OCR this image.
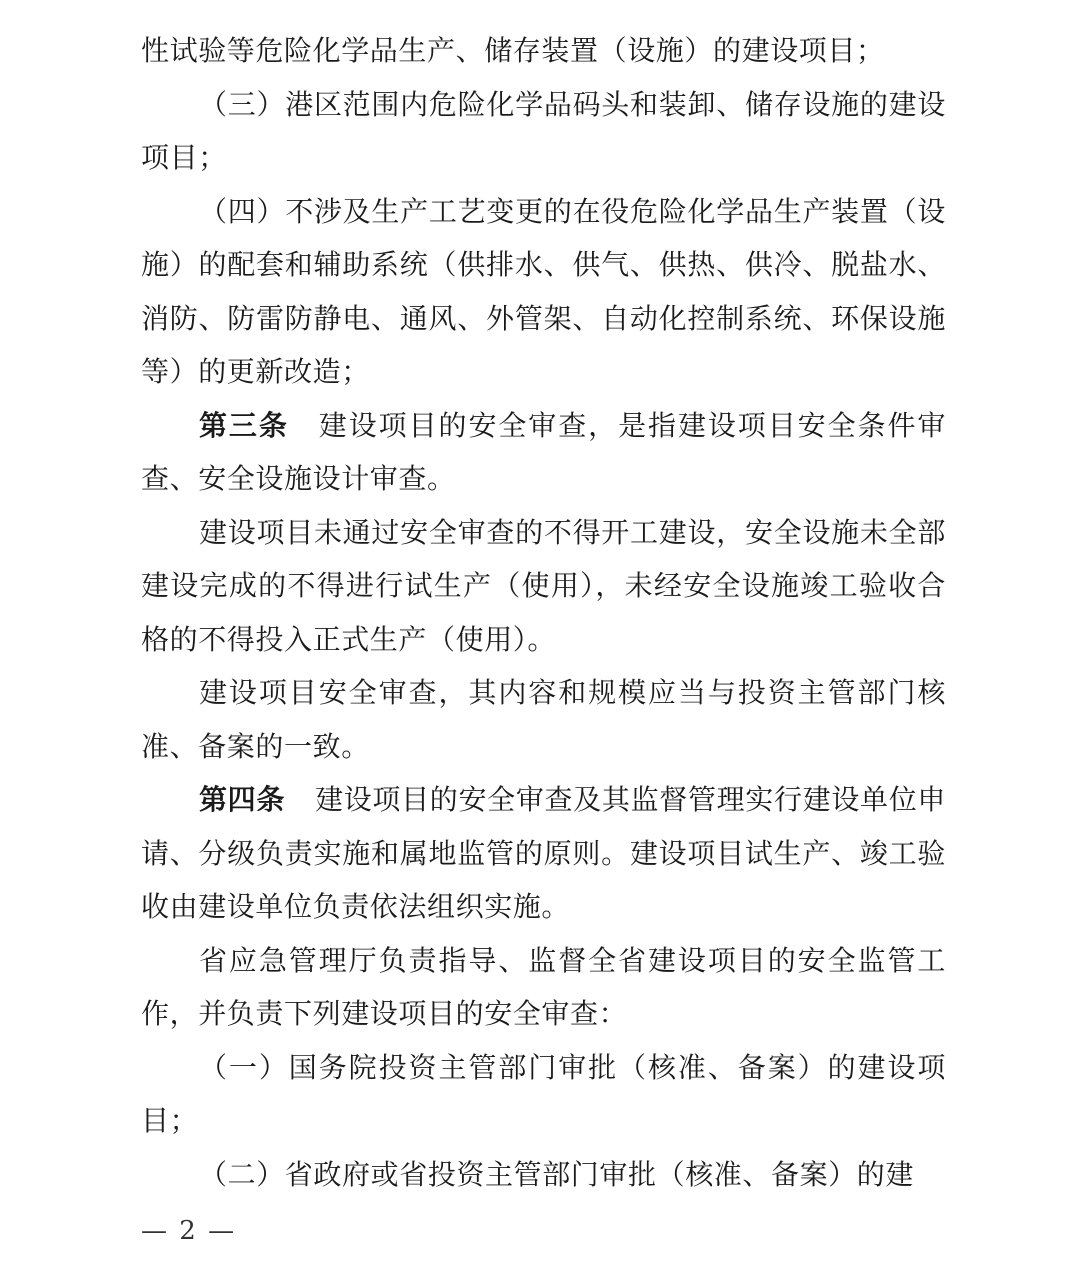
性试验等危险化学品生产、储存装置（设施）的建设项目；

（三）港区范围内危险化学品码头和装卸、储存设施的建设项目；

（四）不涉及生产工艺变更的在役危险化学品生产装置（设施）的配套和辅助系统（供排水、供气、供热、供冷、脱盐水、消防、防雷防静电、通风、外管架、自动化控制系统、环保设施等）的更新改造；

第三条 建设项目的安全审查，是指建设项目安全条件审查、安全设施设计审查。

建设项目未通过安全审查的不得开工建设，安全设施未全部建设完成的不得进行试生产（使用），未经安全设施竣工验收合格的不得投入正式生产（使用）。

建设项目安全审查，其内容和规模应当与投资主管部门核准、备案的一致。

第四条 建设项目的安全审查及其监督管理实行建设单位申请、分级负责实施和属地监管的原则。建设项目试生产、竣工验收由建设单位负责依法组织实施。

省应急管理厅负责指导、监督全省建设项目的安全监管工作，并负责下列建设项目的安全审查：

（一）国务院投资主管部门审批（核准、备案）的建设项目；

（二）省政府或省投资主管部门审批（核准、备案）的建

— 2 —
